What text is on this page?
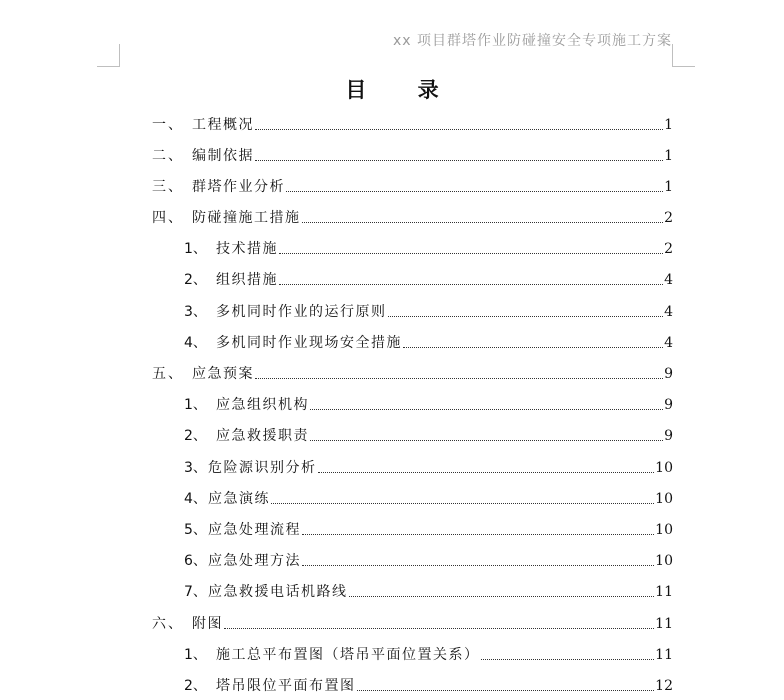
xx 项目群塔作业防碰撞安全专项施工方案
目 录
一、 工程概况	1
二、 编制依据	1
三、 群塔作业分析	1
四、 防碰撞施工措施	2
1、 技术措施	2
2、 组织措施	4
3、 多机同时作业的运行原则	4
4、 多机同时作业现场安全措施	4
五、 应急预案	9
1、 应急组织机构	9
2、 应急救援职责	9
3、 危险源识别分析	10
4、 应急演练	10
5、 应急处理流程	10
6、 应急处理方法	10
7、 应急救援电话机路线	11
六、 附图	11
1、 施工总平布置图（塔吊平面位置关系）	11
2、 塔吊限位平面布置图	12
